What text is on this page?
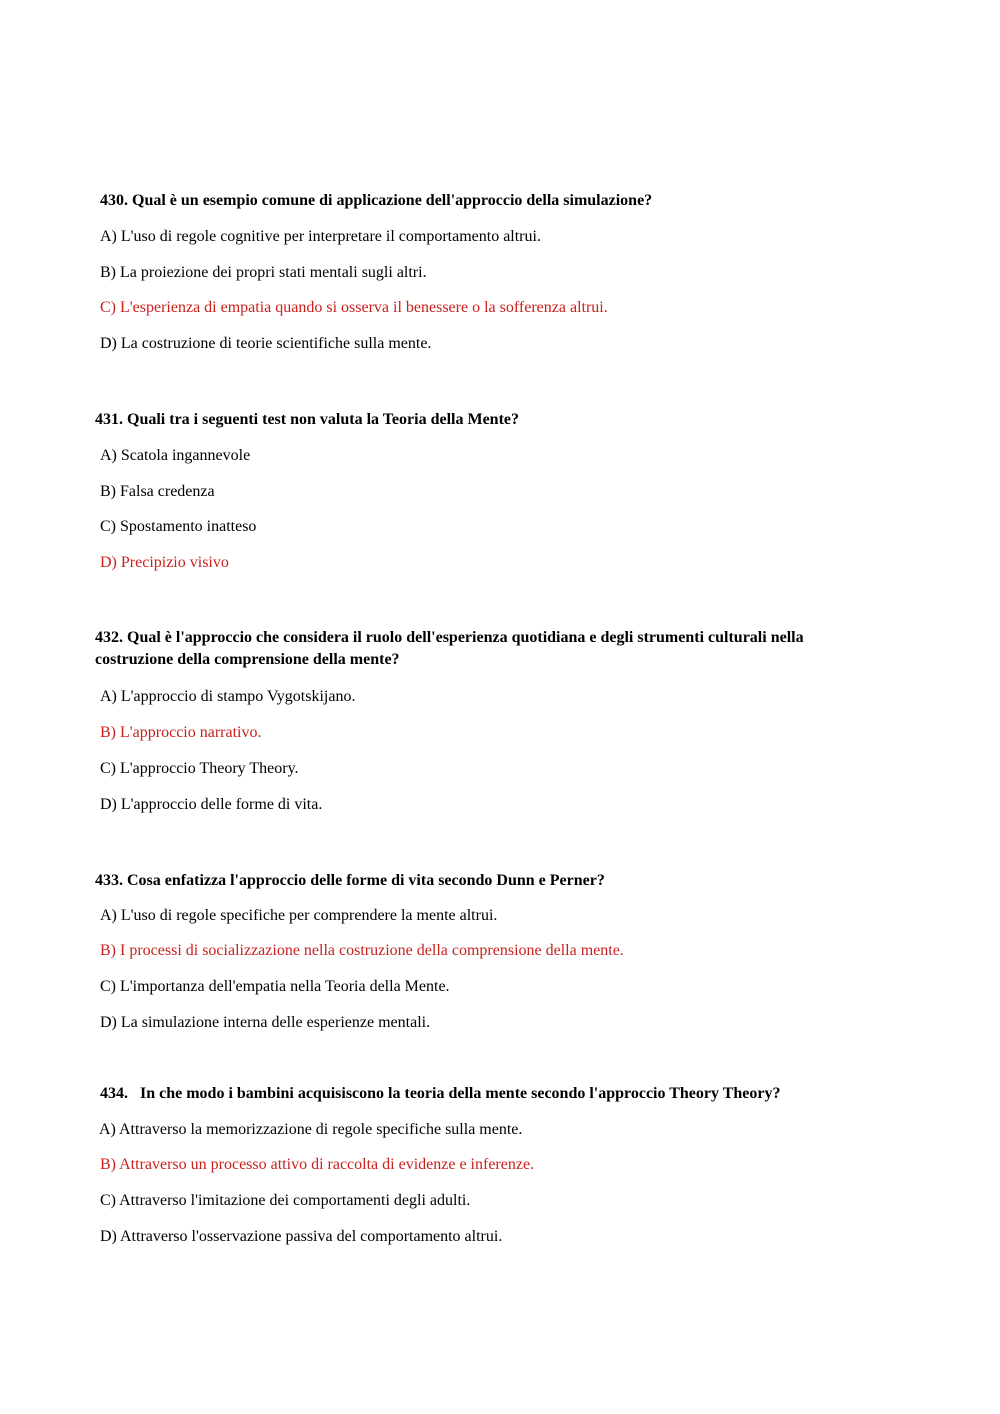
430. Qual è un esempio comune di applicazione dell'approccio della simulazione?
A) L'uso di regole cognitive per interpretare il comportamento altrui.
B) La proiezione dei propri stati mentali sugli altri.
C) L'esperienza di empatia quando si osserva il benessere o la sofferenza altrui.
D) La costruzione di teorie scientifiche sulla mente.
431. Quali tra i seguenti test non valuta la Teoria della Mente?
A) Scatola ingannevole
B) Falsa credenza
C) Spostamento inatteso
D) Precipizio visivo
432. Qual è l'approccio che considera il ruolo dell'esperienza quotidiana e degli strumenti culturali nella costruzione della comprensione della mente?
A) L'approccio di stampo Vygotskijano.
B) L'approccio narrativo.
C) L'approccio Theory Theory.
D) L'approccio delle forme di vita.
433. Cosa enfatizza l'approccio delle forme di vita secondo Dunn e Perner?
A) L'uso di regole specifiche per comprendere la mente altrui.
B) I processi di socializzazione nella costruzione della comprensione della mente.
C) L'importanza dell'empatia nella Teoria della Mente.
D) La simulazione interna delle esperienze mentali.
434.   In che modo i bambini acquisiscono la teoria della mente secondo l'approccio Theory Theory?
A) Attraverso la memorizzazione di regole specifiche sulla mente.
B) Attraverso un processo attivo di raccolta di evidenze e inferenze.
C) Attraverso l'imitazione dei comportamenti degli adulti.
D) Attraverso l'osservazione passiva del comportamento altrui.
